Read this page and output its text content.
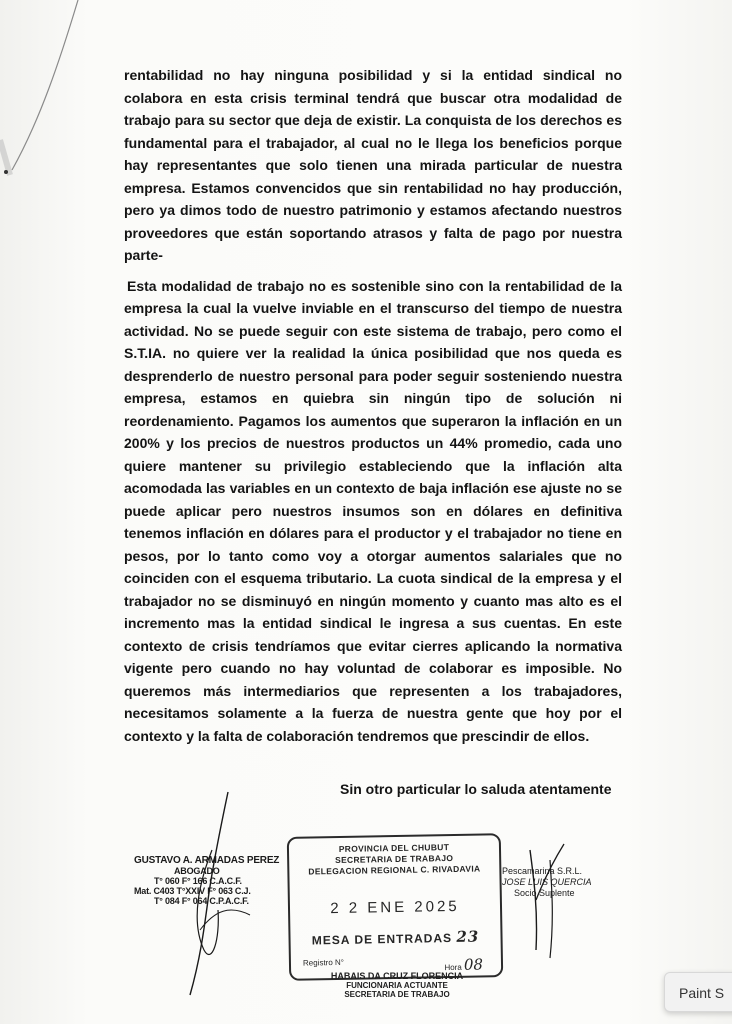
rentabilidad no hay ninguna posibilidad y si la entidad sindical no colabora en esta crisis terminal tendrá que buscar otra modalidad de trabajo para su sector que deja de existir. La conquista de los derechos es fundamental para el trabajador, al cual no le llega los beneficios porque hay representantes que solo tienen una mirada particular de nuestra empresa. Estamos convencidos que sin rentabilidad no hay producción, pero ya dimos todo de nuestro patrimonio y estamos afectando nuestros proveedores que están soportando atrasos y falta de pago por nuestra parte-

Esta modalidad de trabajo no es sostenible sino con la rentabilidad de la empresa la cual la vuelve inviable en el transcurso del tiempo de nuestra actividad. No se puede seguir con este sistema de trabajo, pero como el S.T.IA. no quiere ver la realidad la única posibilidad que nos queda es desprenderlo de nuestro personal para poder seguir sosteniendo nuestra empresa, estamos en quiebra sin ningún tipo de solución ni reordenamiento. Pagamos los aumentos que superaron la inflación en un 200% y los precios de nuestros productos un 44% promedio, cada uno quiere mantener su privilegio estableciendo que la inflación alta acomodada las variables en un contexto de baja inflación ese ajuste no se puede aplicar pero nuestros insumos son en dólares en definitiva tenemos inflación en dólares para el productor y el trabajador no tiene en pesos, por lo tanto como voy a otorgar aumentos salariales que no coinciden con el esquema tributario. La cuota sindical de la empresa y el trabajador no se disminuyó en ningún momento y cuanto mas alto es el incremento mas la entidad sindical le ingresa a sus cuentas. En este contexto de crisis tendríamos que evitar cierres aplicando la normativa vigente pero cuando no hay voluntad de colaborar es imposible. No queremos más intermediarios que representen a los trabajadores, necesitamos solamente a la fuerza de nuestra gente que hoy por el contexto y la falta de colaboración tendremos que prescindir de ellos.

Sin otro particular lo saluda atentamente
GUSTAVO A. ARMADAS PEREZ
ABOGADO
T° 060 F° 166 C.A.C.F.
Mat. C403 T°XXIV F° 063 C.J.
T° 084 F° 064 C.P.A.C.F.
PROVINCIA DEL CHUBUT
SECRETARIA DE TRABAJO
DELEGACION REGIONAL C. RIVADAVIA
2 2 ENE 2025
MESA DE ENTRADAS 23
Registro N°	Hora 08
HABAIS DA CRUZ FLORENCIA
FUNCIONARIA ACTUANTE
SECRETARIA DE TRABAJO
Pescamarina S.R.L.
JOSE LUIS QUERCIA
Socio Suplente
Paint S
